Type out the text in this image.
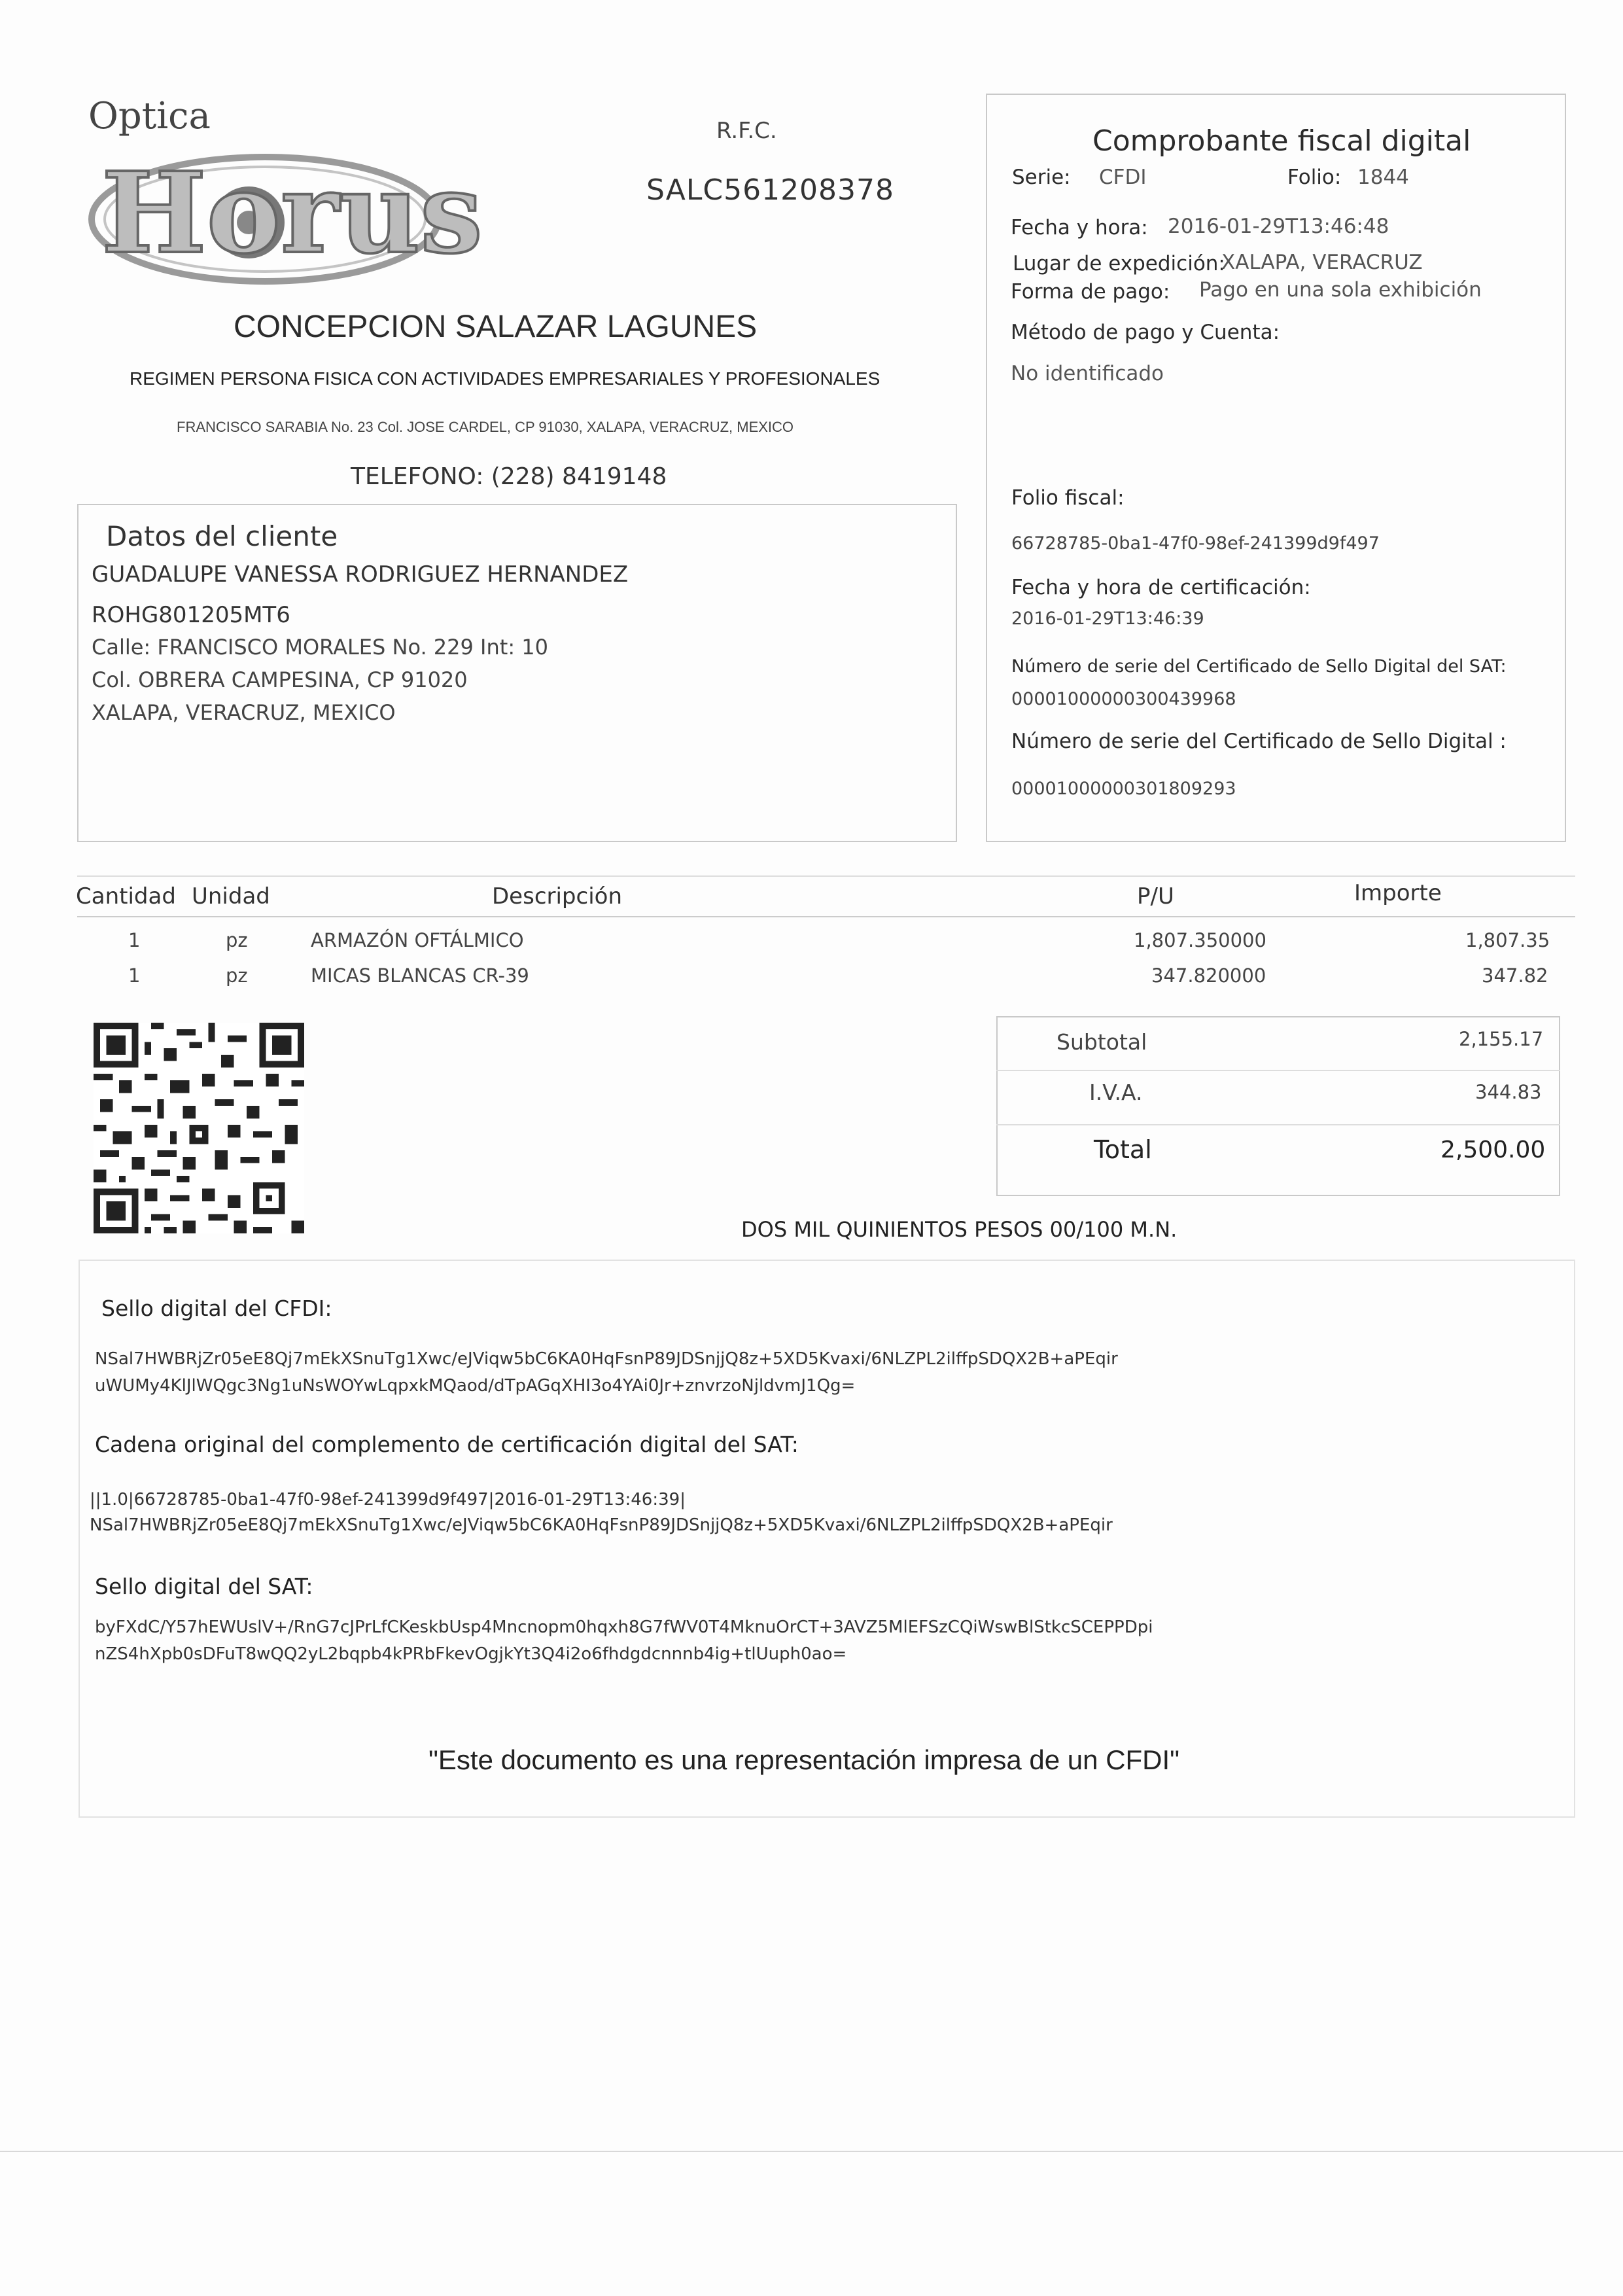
Optica
Horus
R.F.C.
SALC561208378
CONCEPCION SALAZAR LAGUNES
REGIMEN PERSONA FISICA CON ACTIVIDADES EMPRESARIALES Y PROFESIONALES
FRANCISCO SARABIA No. 23 Col. JOSE CARDEL, CP 91030, XALAPA, VERACRUZ, MEXICO
TELEFONO: (228) 8419148
Datos del cliente
GUADALUPE VANESSA RODRIGUEZ HERNANDEZ
ROHG801205MT6
Calle: FRANCISCO MORALES No. 229 Int: 10
Col. OBRERA CAMPESINA, CP 91020
XALAPA, VERACRUZ, MEXICO
Comprobante fiscal digital
Serie: CFDI	Folio: 1844
Fecha y hora: 2016-01-29T13:46:48
Lugar de expedición:
XALAPA, VERACRUZ
Forma de pago: Pago en una sola exhibición
Método de pago y Cuenta:
No identificado
Folio fiscal:
66728785-0ba1-47f0-98ef-241399d9f497
Fecha y hora de certificación:
2016-01-29T13:46:39
Número de serie del Certificado de Sello Digital del SAT:
00001000000300439968
Número de serie del Certificado de Sello Digital :
00001000000301809293
Cantidad Unidad	Descripción	P/U	Importe
1	pz	ARMAZÓN OFTÁLMICO	1,807.350000	1,807.35
1	pz	MICAS BLANCAS CR-39	347.820000	347.82
Subtotal	2,155.17
I.V.A.	344.83
Total	2,500.00
DOS MIL QUINIENTOS PESOS 00/100 M.N.
Sello digital del CFDI:
NSal7HWBRjZr05eE8Qj7mEkXSnuTg1Xwc/eJViqw5bC6KA0HqFsnP89JDSnjjQ8z+5XD5Kvaxi/6NLZPL2ilffpSDQX2B+aPEqir
uWUMy4KlJlWQgc3Ng1uNsWOYwLqpxkMQaod/dTpAGqXHI3o4YAi0Jr+znvrzoNjldvmJ1Qg=
Cadena original del complemento de certificación digital del SAT:
||1.0|66728785-0ba1-47f0-98ef-241399d9f497|2016-01-29T13:46:39|
NSal7HWBRjZr05eE8Qj7mEkXSnuTg1Xwc/eJViqw5bC6KA0HqFsnP89JDSnjjQ8z+5XD5Kvaxi/6NLZPL2ilffpSDQX2B+aPEqir
Sello digital del SAT:
byFXdC/Y57hEWUslV+/RnG7cJPrLfCKeskbUsp4Mncnopm0hqxh8G7fWV0T4MknuOrCT+3AVZ5MlEFSzCQiWswBlStkcSCEPPDpi
nZS4hXpb0sDFuT8wQQ2yL2bqpb4kPRbFkevOgjkYt3Q4i2o6fhdgdcnnnb4ig+tlUuph0ao=
"Este documento es una representación impresa de un CFDI"
